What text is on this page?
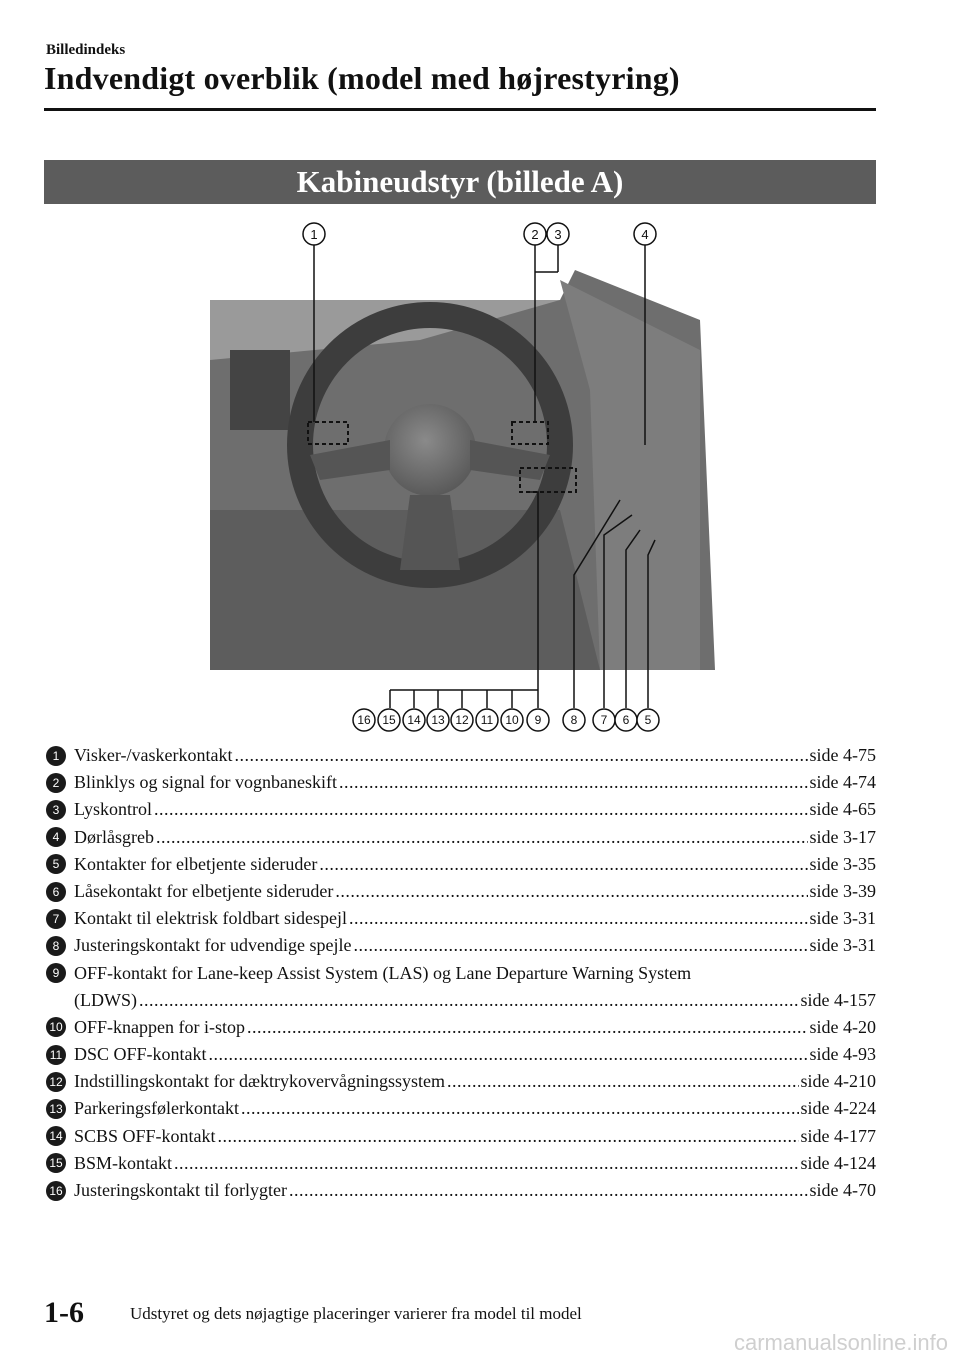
Billedindeks
Indvendigt overblik (model med højrestyring)
Kabineudstyr (billede A)
1	2 3	4
16 15 14 13 12 11 10 9 8 7 6 5
1 Visker-/vaskerkontakt .....	side 4-75
2 Blinklys og signal for vognbaneskift .....	side 4-74
3 Lyskontrol .....	side 4-65
4 Dørlåsgreb .....	side 3-17
5 Kontakter for elbetjente sideruder .....	side 3-35
6 Låsekontakt for elbetjente sideruder .....	side 3-39
7 Kontakt til elektrisk foldbart sidespejl .....	side 3-31
8 Justeringskontakt for udvendige spejle .....	side 3-31
9 OFF-kontakt for Lane-keep Assist System (LAS) og Lane Departure Warning System
(LDWS) .....	side 4-157
10 OFF-knappen for i-stop .....	side 4-20
11 DSC OFF-kontakt .....	side 4-93
12 Indstillingskontakt for dæktrykovervågningssystem .....	side 4-210
13 Parkeringsfølerkontakt .....	side 4-224
14 SCBS OFF-kontakt .....	side 4-177
15 BSM-kontakt .....	side 4-124
16 Justeringskontakt til forlygter .....	side 4-70
1-6	Udstyret og dets nøjagtige placeringer varierer fra model til model
carmanualsonline.info
